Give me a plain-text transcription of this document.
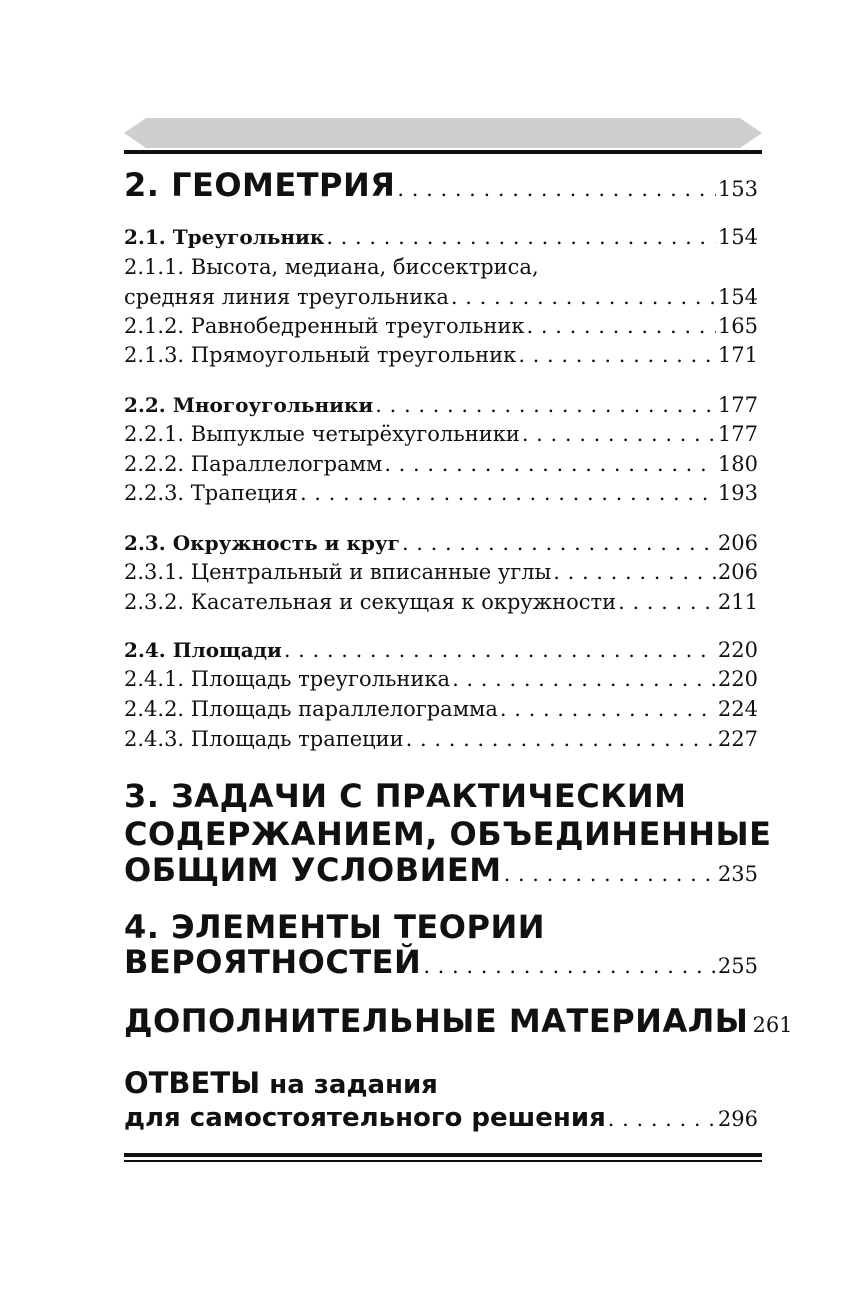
2. ГЕОМЕТРИЯ . . .	153
2.1. Треугольник . . .	154
2.1.1. Высота, медиана, биссектриса,
средняя линия треугольника . . .	154
2.1.2. Равнобедренный треугольник . . .	165
2.1.3. Прямоугольный треугольник . . .	171
2.2. Многоугольники . . .	177
2.2.1. Выпуклые четырёхугольники . . .	177
2.2.2. Параллелограмм . . .	180
2.2.3. Трапеция . . .	193
2.3. Окружность и круг . . .	206
2.3.1. Центральный и вписанные углы . . .	206
2.3.2. Касательная и секущая к окружности . . .	211
2.4. Площади . . .	220
2.4.1. Площадь треугольника . . .	220
2.4.2. Площадь параллелограмма . . .	224
2.4.3. Площадь трапеции . . .	227
3. ЗАДАЧИ С ПРАКТИЧЕСКИМ
СОДЕРЖАНИЕМ, ОБЪЕДИНЕННЫЕ
ОБЩИМ УСЛОВИЕМ . . .	235
4. ЭЛЕМЕНТЫ ТЕОРИИ
ВЕРОЯТНОСТЕЙ . . .	255
ДОПОЛНИТЕЛЬНЫЕ МАТЕРИАЛЫ 261
ОТВЕТЫ на задания
для самостоятельного решения . . .	296
